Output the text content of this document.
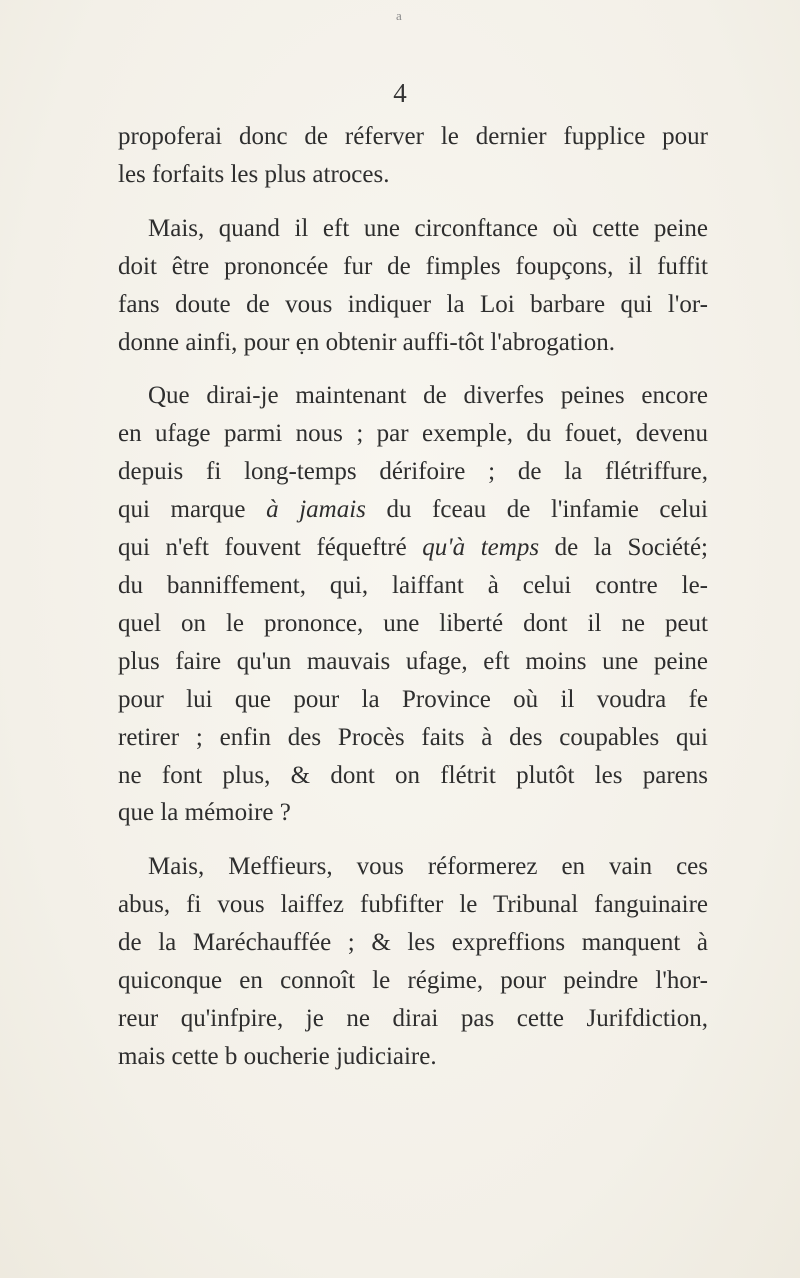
a
4
propoferai donc de réferver le dernier fupplice pour
les forfaits les plus atroces.
Mais, quand il eft une circonftance où cette peine
doit être prononcée fur de fimples foupçons, il fuffit
fans doute de vous indiquer la Loi barbare qui l'or-
donne ainfi, pour ẹn obtenir auffi-tôt l'abrogation.
Que dirai-je maintenant de diverfes peines encore
en ufage parmi nous ; par exemple, du fouet, devenu
depuis fi long-temps dérifoire ; de la flétriffure,
qui marque à jamais du fceau de l'infamie celui
qui n'eft fouvent féqueftré qu'à temps de la Société;
du banniffement, qui, laiffant à celui contre le-
quel on le prononce, une liberté dont il ne peut
plus faire qu'un mauvais ufage, eft moins une peine
pour lui que pour la Province où il voudra fe
retirer ; enfin des Procès faits à des coupables qui
ne font plus, & dont on flétrit plutôt les parens
que la mémoire ?
Mais, Meffieurs, vous réformerez en vain ces
abus, fi vous laiffez fubfifter le Tribunal fanguinaire
de la Maréchauffée ; & les expreffions manquent à
quiconque en connoît le régime, pour peindre l'hor-
reur qu'infpire, je ne dirai pas cette Jurifdiction,
mais cette b oucherie judiciaire.
